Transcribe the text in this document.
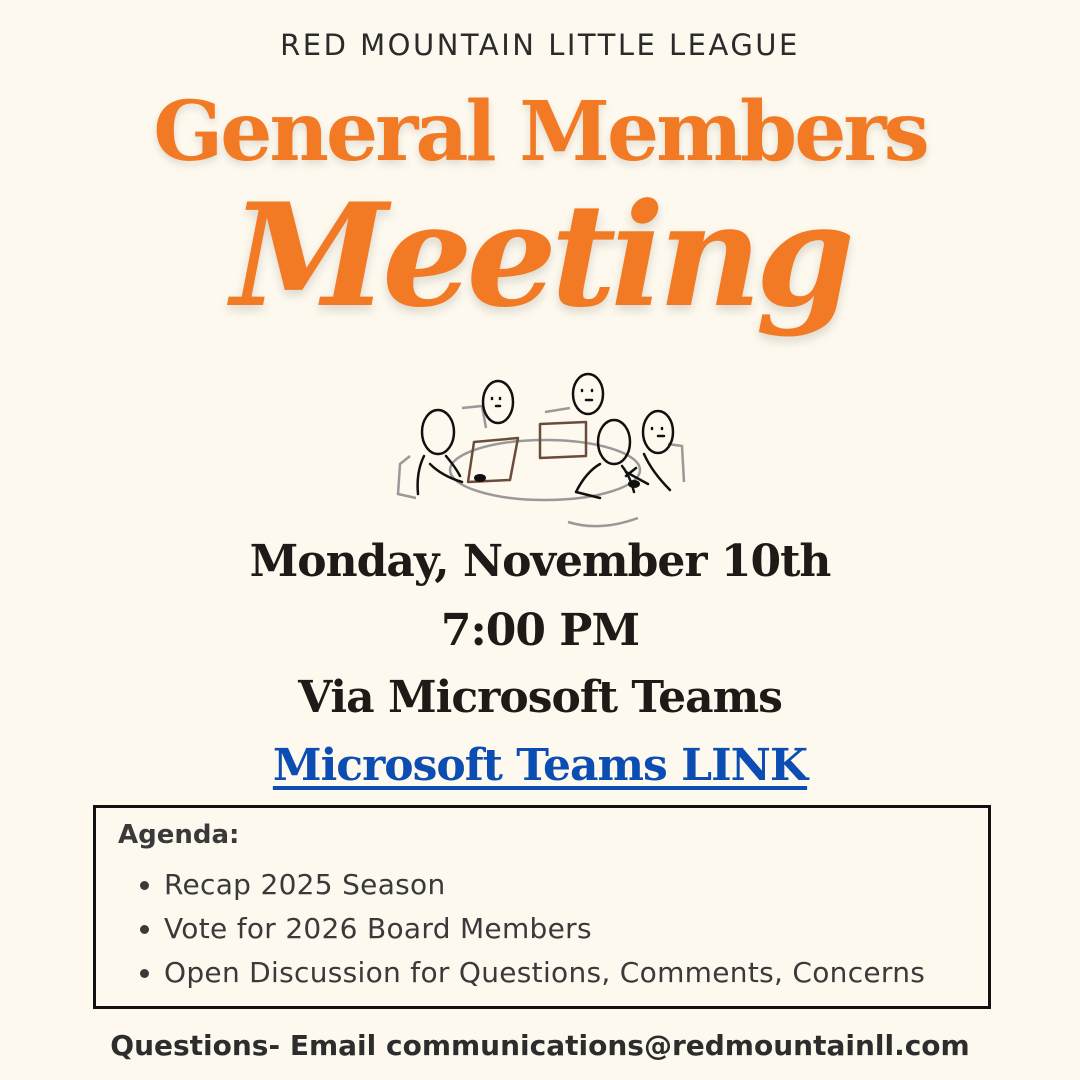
RED MOUNTAIN LITTLE LEAGUE
General Members
Meeting
Monday, November 10th
7:00 PM
Via Microsoft Teams
Microsoft Teams LINK
Agenda:
• Recap 2025 Season
• Vote for 2026 Board Members
• Open Discussion for Questions, Comments, Concerns
Questions- Email communications@redmountainll.com
